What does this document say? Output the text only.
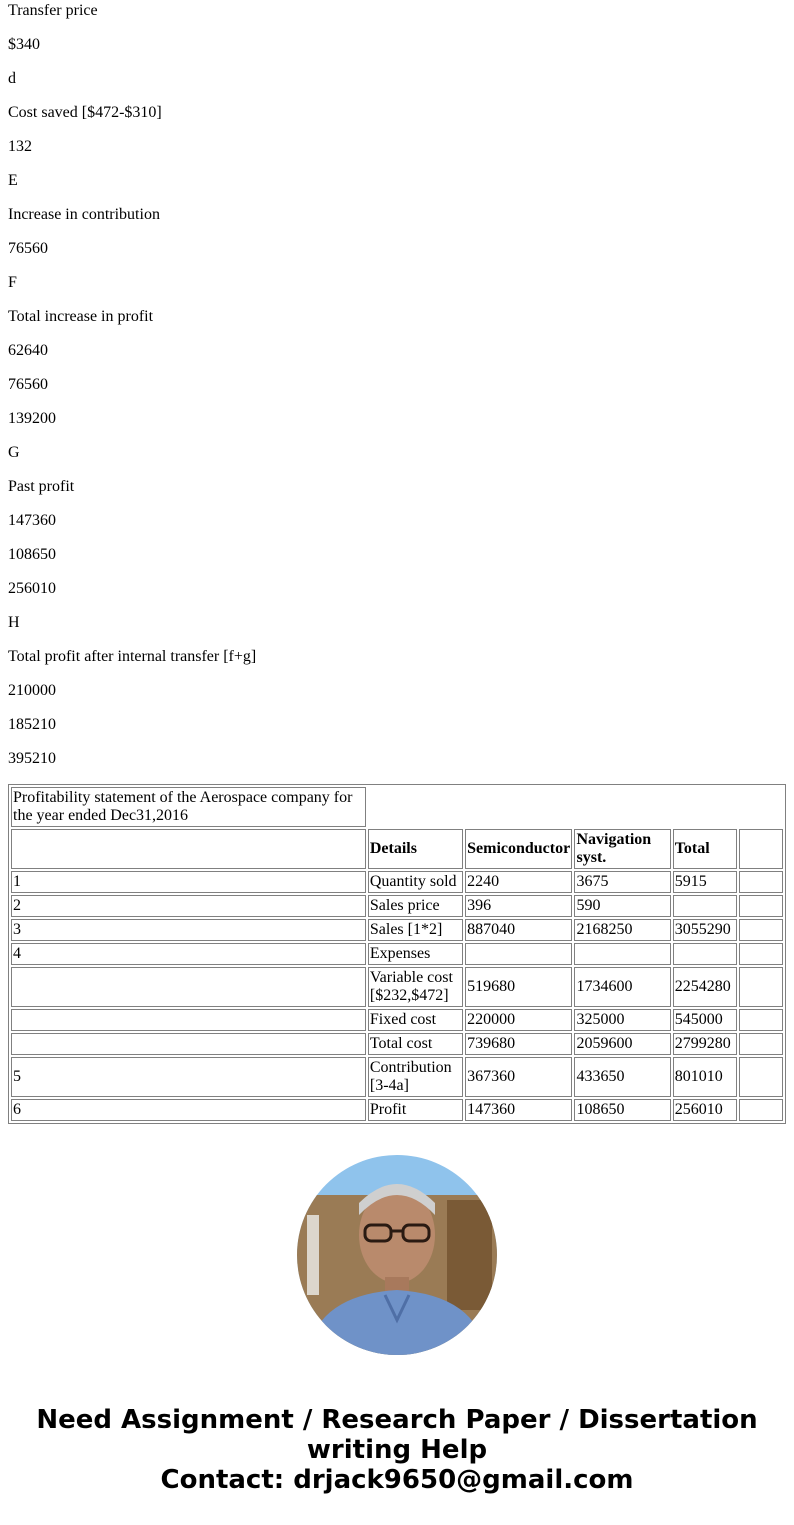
Transfer price

$340

d

Cost saved [$472-$310]

132

E

Increase in contribution

76560

F

Total increase in profit

62640

76560

139200

G

Past profit

147360

108650

256010

H

Total profit after internal transfer [f+g]

210000

185210

395210

Profitability statement of the Aerospace company for the year ended Dec31,2016					
	Details	Semiconductor	Navigation syst.	Total	
1	Quantity sold	2240	3675	5915	
2	Sales price	396	590		
3	Sales [1*2]	887040	2168250	3055290	
4	Expenses				
	Variable cost [$232,$472]	519680	1734600	2254280	
	Fixed cost	220000	325000	545000	
	Total cost	739680	2059600	2799280	
5	Contribution [3-4a]	367360	433650	801010	
6	Profit	147360	108650	256010	
Need Assignment / Research Paper / Dissertation writing Help
Contact: drjack9650@gmail.com
